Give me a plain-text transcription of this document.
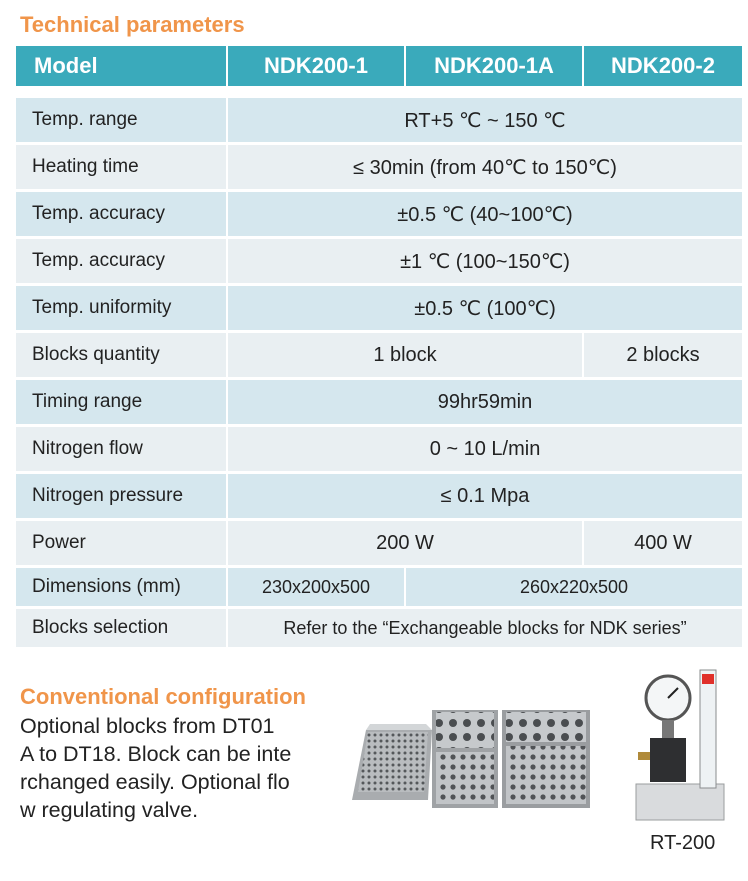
Technical parameters
Model	NDK200-1	NDK200-1A	NDK200-2

Temp. range	RT+5 ℃ ~ 150 ℃		
Heating time	≤ 30min (from 40℃ to 150℃)		
Temp. accuracy	±0.5 ℃ (40~100℃)		
Temp. accuracy	±1 ℃ (100~150℃)		
Temp. uniformity	±0.5 ℃ (100℃)		
Blocks quantity	1 block		2 blocks
Timing range	99hr59min		
Nitrogen flow	0 ~ 10 L/min		
Nitrogen pressure	≤ 0.1 Mpa		
Power	200 W		400 W
Dimensions (mm)	230x200x500	260x220x500	
Blocks selection	Refer to the “Exchangeable blocks for NDK series”		
Conventional configuration

Optional blocks from DT01
A to DT18. Block can be inte
rchanged easily. Optional flo
w regulating valve.

RT-200
